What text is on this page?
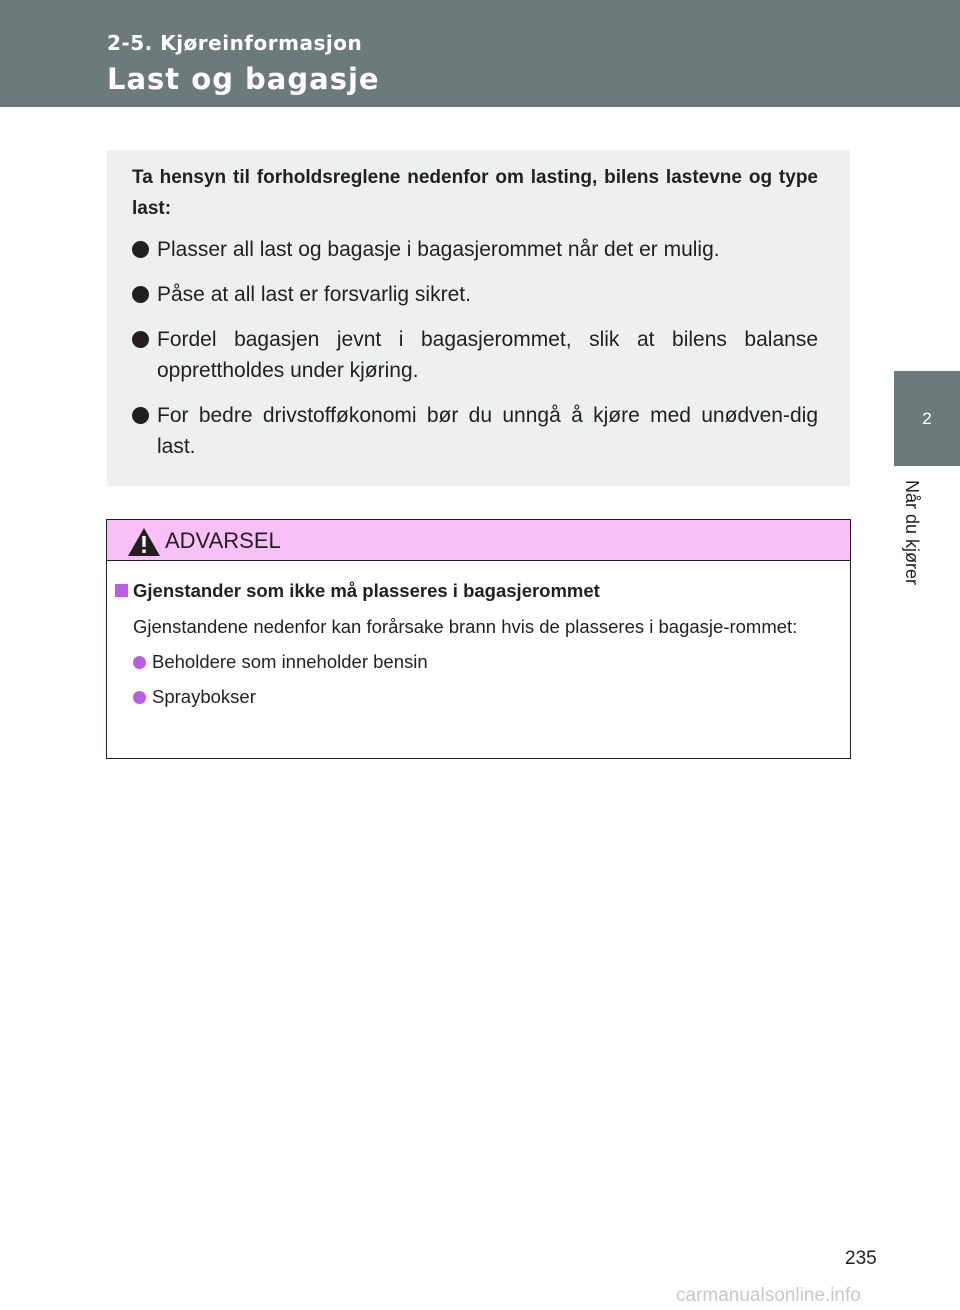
2-5. Kjøreinformasjon
Last og bagasje
2
Når du kjører

Ta hensyn til forholdsreglene nedenfor om lasting, bilens lastevne og type last:

Plasser all last og bagasje i bagasjerommet når det er mulig.
Påse at all last er forsvarlig sikret.
Fordel bagasjen jevnt i bagasjerommet, slik at bilens balanse opprettholdes under kjøring.
For bedre drivstofføkonomi bør du unngå å kjøre med unødven-dig last.
ADVARSEL
Gjenstander som ikke må plasseres i bagasjerommet
Gjenstandene nedenfor kan forårsake brann hvis de plasseres i bagasje-rommet:
Beholdere som inneholder bensin
Spraybokser
235
carmanualsonline.info
